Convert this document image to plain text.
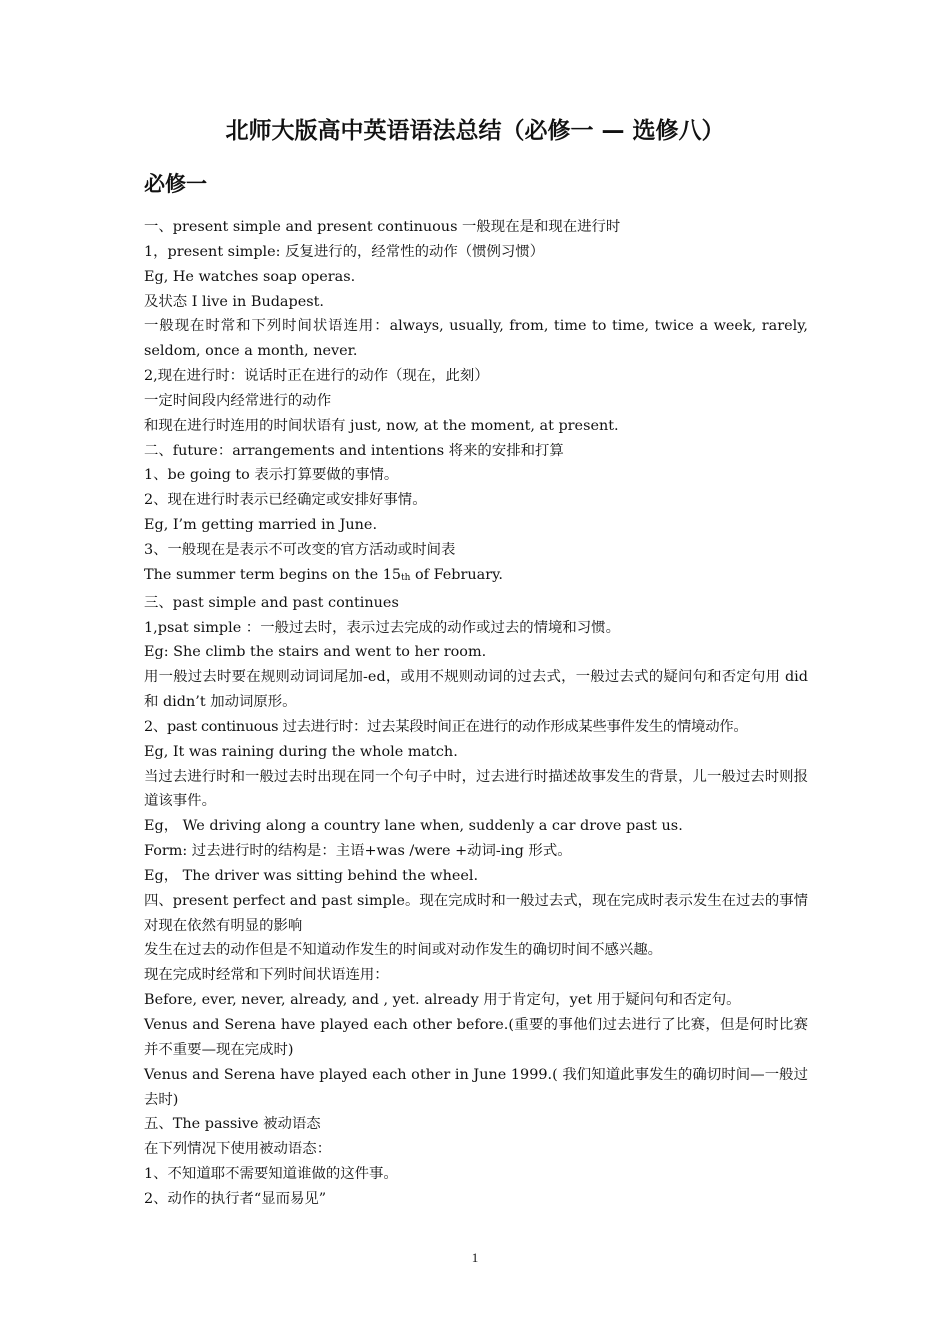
北师大版高中英语语法总结（必修一 — 选修八）
必修一
一、present simple and present continuous 一般现在是和现在进行时
1，present simple: 反复进行的，经常性的动作（惯例习惯）
Eg, He watches soap operas.
及状态 I live in Budapest.
一般现在时常和下列时间状语连用：always, usually, from, time to time, twice a week, rarely, seldom, once a month, never.
2,现在进行时：说话时正在进行的动作（现在，此刻）
一定时间段内经常进行的动作
和现在进行时连用的时间状语有 just, now, at the moment, at present.
二、future：arrangements and intentions 将来的安排和打算
1、be going to 表示打算要做的事情。
2、现在进行时表示已经确定或安排好事情。
Eg, I’m getting married in June.
3、一般现在是表示不可改变的官方活动或时间表
The summer term begins on the 15th of February.
三、past simple and past continues
1,psat simple ：一般过去时，表示过去完成的动作或过去的情境和习惯。
Eg: She climb the stairs and went to her room.
用一般过去时要在规则动词词尾加-ed，或用不规则动词的过去式，一般过去式的疑问句和否定句用 did 和 didn’t 加动词原形。
2、past continuous 过去进行时：过去某段时间正在进行的动作形成某些事件发生的情境动作。
Eg, It was raining during the whole match.
当过去进行时和一般过去时出现在同一个句子中时，过去进行时描述故事发生的背景，儿一般过去时则报道该事件。
Eg， We driving along a country lane when, suddenly a car drove past us.
Form: 过去进行时的结构是：主语+was /were +动词-ing 形式。
Eg， The driver was sitting behind the wheel.
四、present perfect and past simple。现在完成时和一般过去式，现在完成时表示发生在过去的事情对现在依然有明显的影响
发生在过去的动作但是不知道动作发生的时间或对动作发生的确切时间不感兴趣。
现在完成时经常和下列时间状语连用：
Before, ever, never, already, and , yet. already 用于肯定句，yet 用于疑问句和否定句。
Venus and Serena have played each other before.(重要的事他们过去进行了比赛，但是何时比赛并不重要—现在完成时)
Venus and Serena have played each other in June 1999.( 我们知道此事发生的确切时间—一般过去时)
五、The passive 被动语态
在下列情况下使用被动语态：
1、不知道耶不需要知道谁做的这件事。
2、动作的执行者“显而易见”
1
